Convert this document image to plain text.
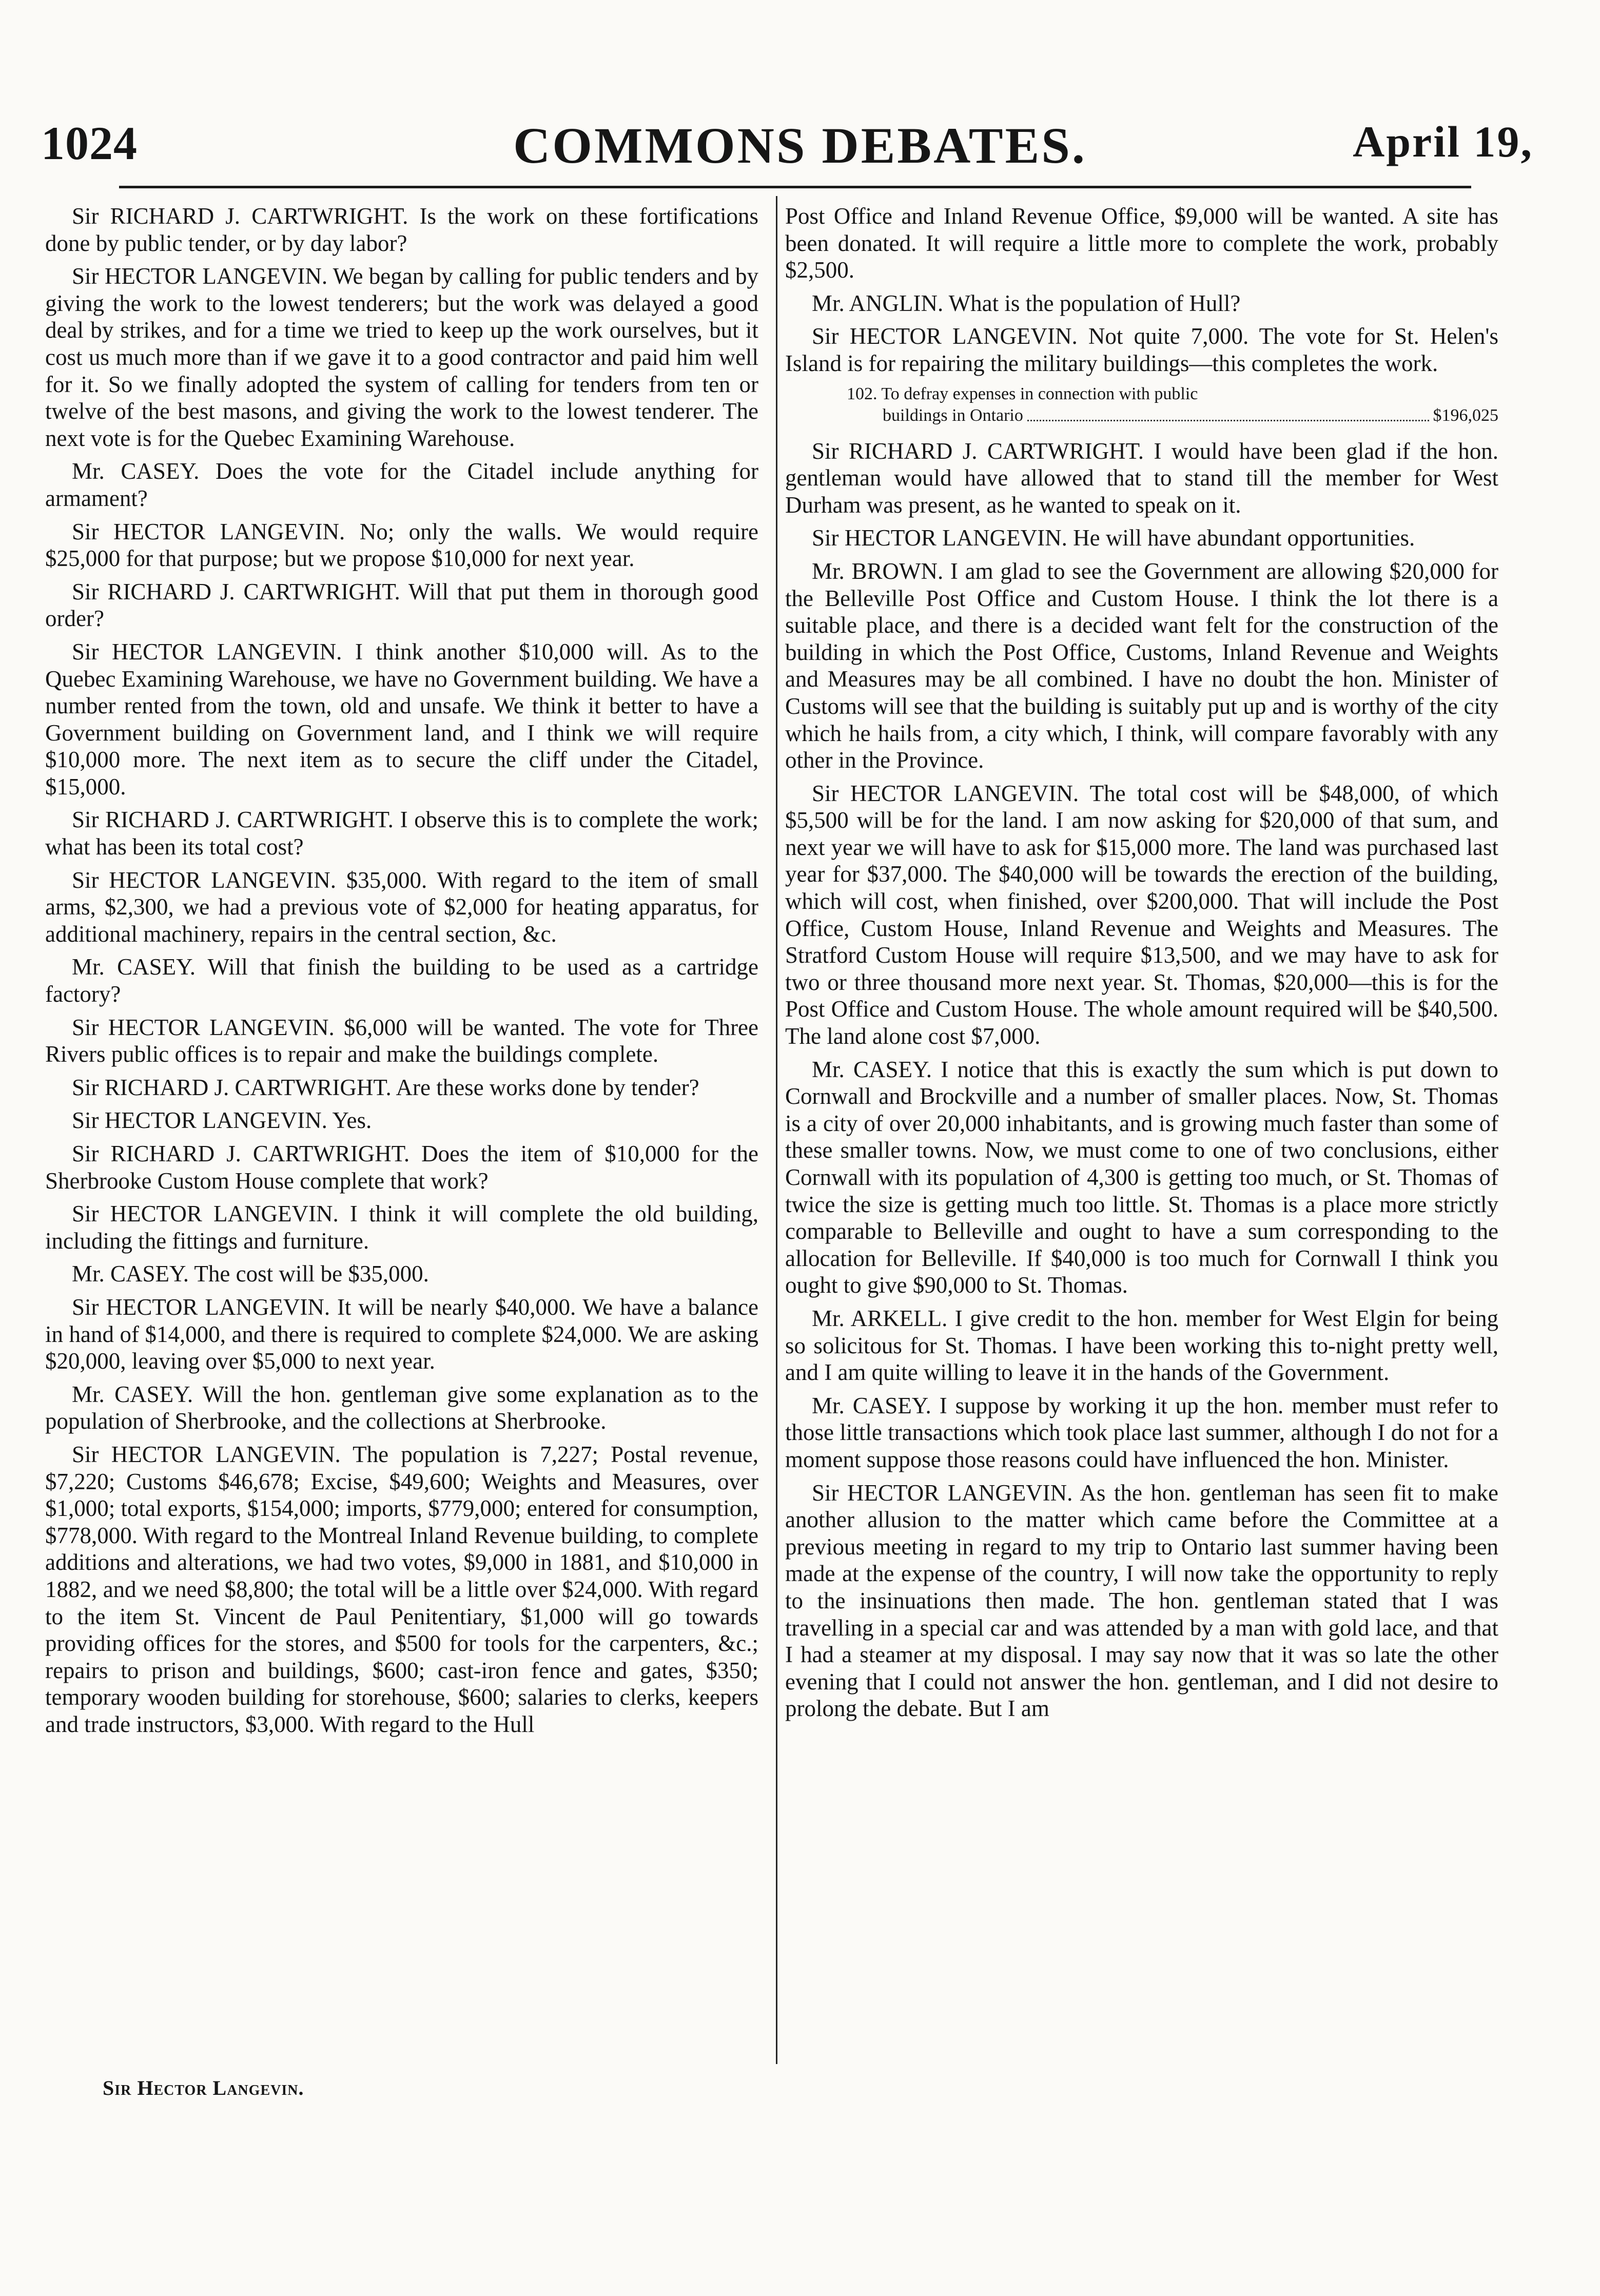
1024	COMMONS DEBATES.	April 19,

Sir RICHARD J. CARTWRIGHT. Is the work on these fortifications done by public tender, or by day labor?

Sir HECTOR LANGEVIN. We began by calling for public tenders and by giving the work to the lowest tenderers; but the work was delayed a good deal by strikes, and for a time we tried to keep up the work ourselves, but it cost us much more than if we gave it to a good contractor and paid him well for it. So we finally adopted the system of calling for tenders from ten or twelve of the best masons, and giving the work to the lowest tenderer. The next vote is for the Quebec Examining Warehouse.

Mr. CASEY. Does the vote for the Citadel include anything for armament?

Sir HECTOR LANGEVIN. No; only the walls. We would require $25,000 for that purpose; but we propose $10,000 for next year.

Sir RICHARD J. CARTWRIGHT. Will that put them in thorough good order?

Sir HECTOR LANGEVIN. I think another $10,000 will. As to the Quebec Examining Warehouse, we have no Government building. We have a number rented from the town, old and unsafe. We think it better to have a Government building on Government land, and I think we will require $10,000 more. The next item as to secure the cliff under the Citadel, $15,000.

Sir RICHARD J. CARTWRIGHT. I observe this is to complete the work; what has been its total cost?

Sir HECTOR LANGEVIN. $35,000. With regard to the item of small arms, $2,300, we had a previous vote of $2,000 for heating apparatus, for additional machinery, repairs in the central section, &c.

Mr. CASEY. Will that finish the building to be used as a cartridge factory?

Sir HECTOR LANGEVIN. $6,000 will be wanted. The vote for Three Rivers public offices is to repair and make the buildings complete.

Sir RICHARD J. CARTWRIGHT. Are these works done by tender?

Sir HECTOR LANGEVIN. Yes.

Sir RICHARD J. CARTWRIGHT. Does the item of $10,000 for the Sherbrooke Custom House complete that work?

Sir HECTOR LANGEVIN. I think it will complete the old building, including the fittings and furniture.

Mr. CASEY. The cost will be $35,000.

Sir HECTOR LANGEVIN. It will be nearly $40,000. We have a balance in hand of $14,000, and there is required to complete $24,000. We are asking $20,000, leaving over $5,000 to next year.

Mr. CASEY. Will the hon. gentleman give some explanation as to the population of Sherbrooke, and the collections at Sherbrooke.

Sir HECTOR LANGEVIN. The population is 7,227; Postal revenue, $7,220; Customs $46,678; Excise, $49,600; Weights and Measures, over $1,000; total exports, $154,000; imports, $779,000; entered for consumption, $778,000. With regard to the Montreal Inland Revenue building, to complete additions and alterations, we had two votes, $9,000 in 1881, and $10,000 in 1882, and we need $8,800; the total will be a little over $24,000. With regard to the item St. Vincent de Paul Penitentiary, $1,000 will go towards providing offices for the stores, and $500 for tools for the carpenters, &c.; repairs to prison and buildings, $600; cast-iron fence and gates, $350; temporary wooden building for storehouse, $600; salaries to clerks, keepers and trade instructors, $3,000. With regard to the Hull

Post Office and Inland Revenue Office, $9,000 will be wanted. A site has been donated. It will require a little more to complete the work, probably $2,500.

Mr. ANGLIN. What is the population of Hull?

Sir HECTOR LANGEVIN. Not quite 7,000. The vote for St. Helen's Island is for repairing the military buildings—this completes the work.

102. To defray expenses in connection with public
buildings in Ontario	$196,025

Sir RICHARD J. CARTWRIGHT. I would have been glad if the hon. gentleman would have allowed that to stand till the member for West Durham was present, as he wanted to speak on it.

Sir HECTOR LANGEVIN. He will have abundant opportunities.

Mr. BROWN. I am glad to see the Government are allowing $20,000 for the Belleville Post Office and Custom House. I think the lot there is a suitable place, and there is a decided want felt for the construction of the building in which the Post Office, Customs, Inland Revenue and Weights and Measures may be all combined. I have no doubt the hon. Minister of Customs will see that the building is suitably put up and is worthy of the city which he hails from, a city which, I think, will compare favorably with any other in the Province.

Sir HECTOR LANGEVIN. The total cost will be $48,000, of which $5,500 will be for the land. I am now asking for $20,000 of that sum, and next year we will have to ask for $15,000 more. The land was purchased last year for $37,000. The $40,000 will be towards the erection of the building, which will cost, when finished, over $200,000. That will include the Post Office, Custom House, Inland Revenue and Weights and Measures. The Stratford Custom House will require $13,500, and we may have to ask for two or three thousand more next year. St. Thomas, $20,000—this is for the Post Office and Custom House. The whole amount required will be $40,500. The land alone cost $7,000.

Mr. CASEY. I notice that this is exactly the sum which is put down to Cornwall and Brockville and a number of smaller places. Now, St. Thomas is a city of over 20,000 inhabitants, and is growing much faster than some of these smaller towns. Now, we must come to one of two conclusions, either Cornwall with its population of 4,300 is getting too much, or St. Thomas of twice the size is getting much too little. St. Thomas is a place more strictly comparable to Belleville and ought to have a sum corresponding to the allocation for Belleville. If $40,000 is too much for Cornwall I think you ought to give $90,000 to St. Thomas.

Mr. ARKELL. I give credit to the hon. member for West Elgin for being so solicitous for St. Thomas. I have been working this to-night pretty well, and I am quite willing to leave it in the hands of the Government.

Mr. CASEY. I suppose by working it up the hon. member must refer to those little transactions which took place last summer, although I do not for a moment suppose those reasons could have influenced the hon. Minister.

Sir HECTOR LANGEVIN. As the hon. gentleman has seen fit to make another allusion to the matter which came before the Committee at a previous meeting in regard to my trip to Ontario last summer having been made at the expense of the country, I will now take the opportunity to reply to the insinuations then made. The hon. gentleman stated that I was travelling in a special car and was attended by a man with gold lace, and that I had a steamer at my disposal. I may say now that it was so late the other evening that I could not answer the hon. gentleman, and I did not desire to prolong the debate. But I am

Sir Hector Langevin.
